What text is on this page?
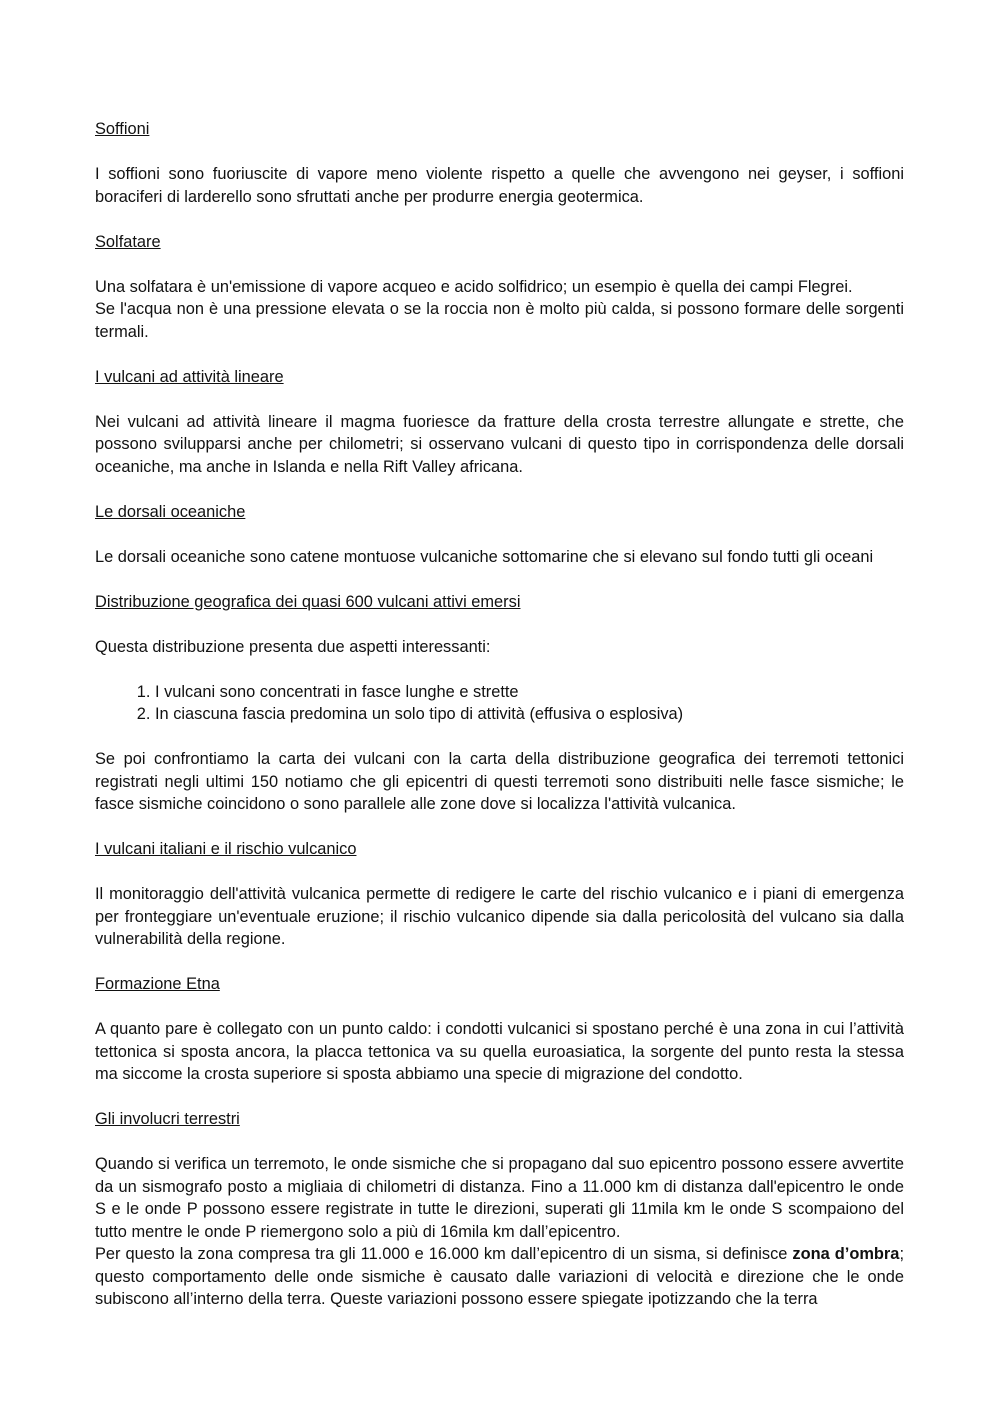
Soffioni

I soffioni sono fuoriuscite di vapore meno violente rispetto a quelle che avvengono nei geyser, i soffioni boraciferi di larderello sono sfruttati anche per produrre energia geotermica.

Solfatare

Una solfatara è un'emissione di vapore acqueo e acido solfidrico; un esempio è quella dei campi Flegrei.

Se l'acqua non è una pressione elevata o se la roccia non è molto più calda, si possono formare delle sorgenti termali.

I vulcani ad attività lineare

Nei vulcani ad attività lineare il magma fuoriesce da fratture della crosta terrestre allungate e strette, che possono svilupparsi anche per chilometri; si osservano vulcani di questo tipo in corrispondenza delle dorsali oceaniche, ma anche in Islanda e nella Rift Valley africana.

Le dorsali oceaniche

Le dorsali oceaniche sono catene montuose vulcaniche sottomarine che si elevano sul fondo tutti gli oceani

Distribuzione geografica dei quasi 600 vulcani attivi emersi

Questa distribuzione presenta due aspetti interessanti:

1. I vulcani sono concentrati in fasce lunghe e strette
2. In ciascuna fascia predomina un solo tipo di attività (effusiva o esplosiva)

Se poi confrontiamo la carta dei vulcani con la carta della distribuzione geografica dei terremoti tettonici registrati negli ultimi 150 notiamo che gli epicentri di questi terremoti sono distribuiti nelle fasce sismiche; le fasce sismiche coincidono o sono parallele alle zone dove si localizza l'attività vulcanica.

I vulcani italiani e il rischio vulcanico

Il monitoraggio dell'attività vulcanica permette di redigere le carte del rischio vulcanico e i piani di emergenza per fronteggiare un'eventuale eruzione; il rischio vulcanico dipende sia dalla pericolosità del vulcano sia dalla vulnerabilità della regione.

Formazione Etna

A quanto pare è collegato con un punto caldo: i condotti vulcanici si spostano perché è una zona in cui l’attività tettonica si sposta ancora, la placca tettonica va su quella euroasiatica, la sorgente del punto resta la stessa ma siccome la crosta superiore si sposta abbiamo una specie di migrazione del condotto.

Gli involucri terrestri

Quando si verifica un terremoto, le onde sismiche che si propagano dal suo epicentro possono essere avvertite da un sismografo posto a migliaia di chilometri di distanza. Fino a 11.000 km di distanza dall'epicentro le onde S e le onde P possono essere registrate in tutte le direzioni, superati gli 11mila km le onde S scompaiono del tutto mentre le onde P riemergono solo a più di 16mila km dall’epicentro.

Per questo la zona compresa tra gli 11.000 e 16.000 km dall’epicentro di un sisma, si definisce zona d’ombra; questo comportamento delle onde sismiche è causato dalle variazioni di velocità e direzione che le onde subiscono all’interno della terra. Queste variazioni possono essere spiegate ipotizzando che la terra
